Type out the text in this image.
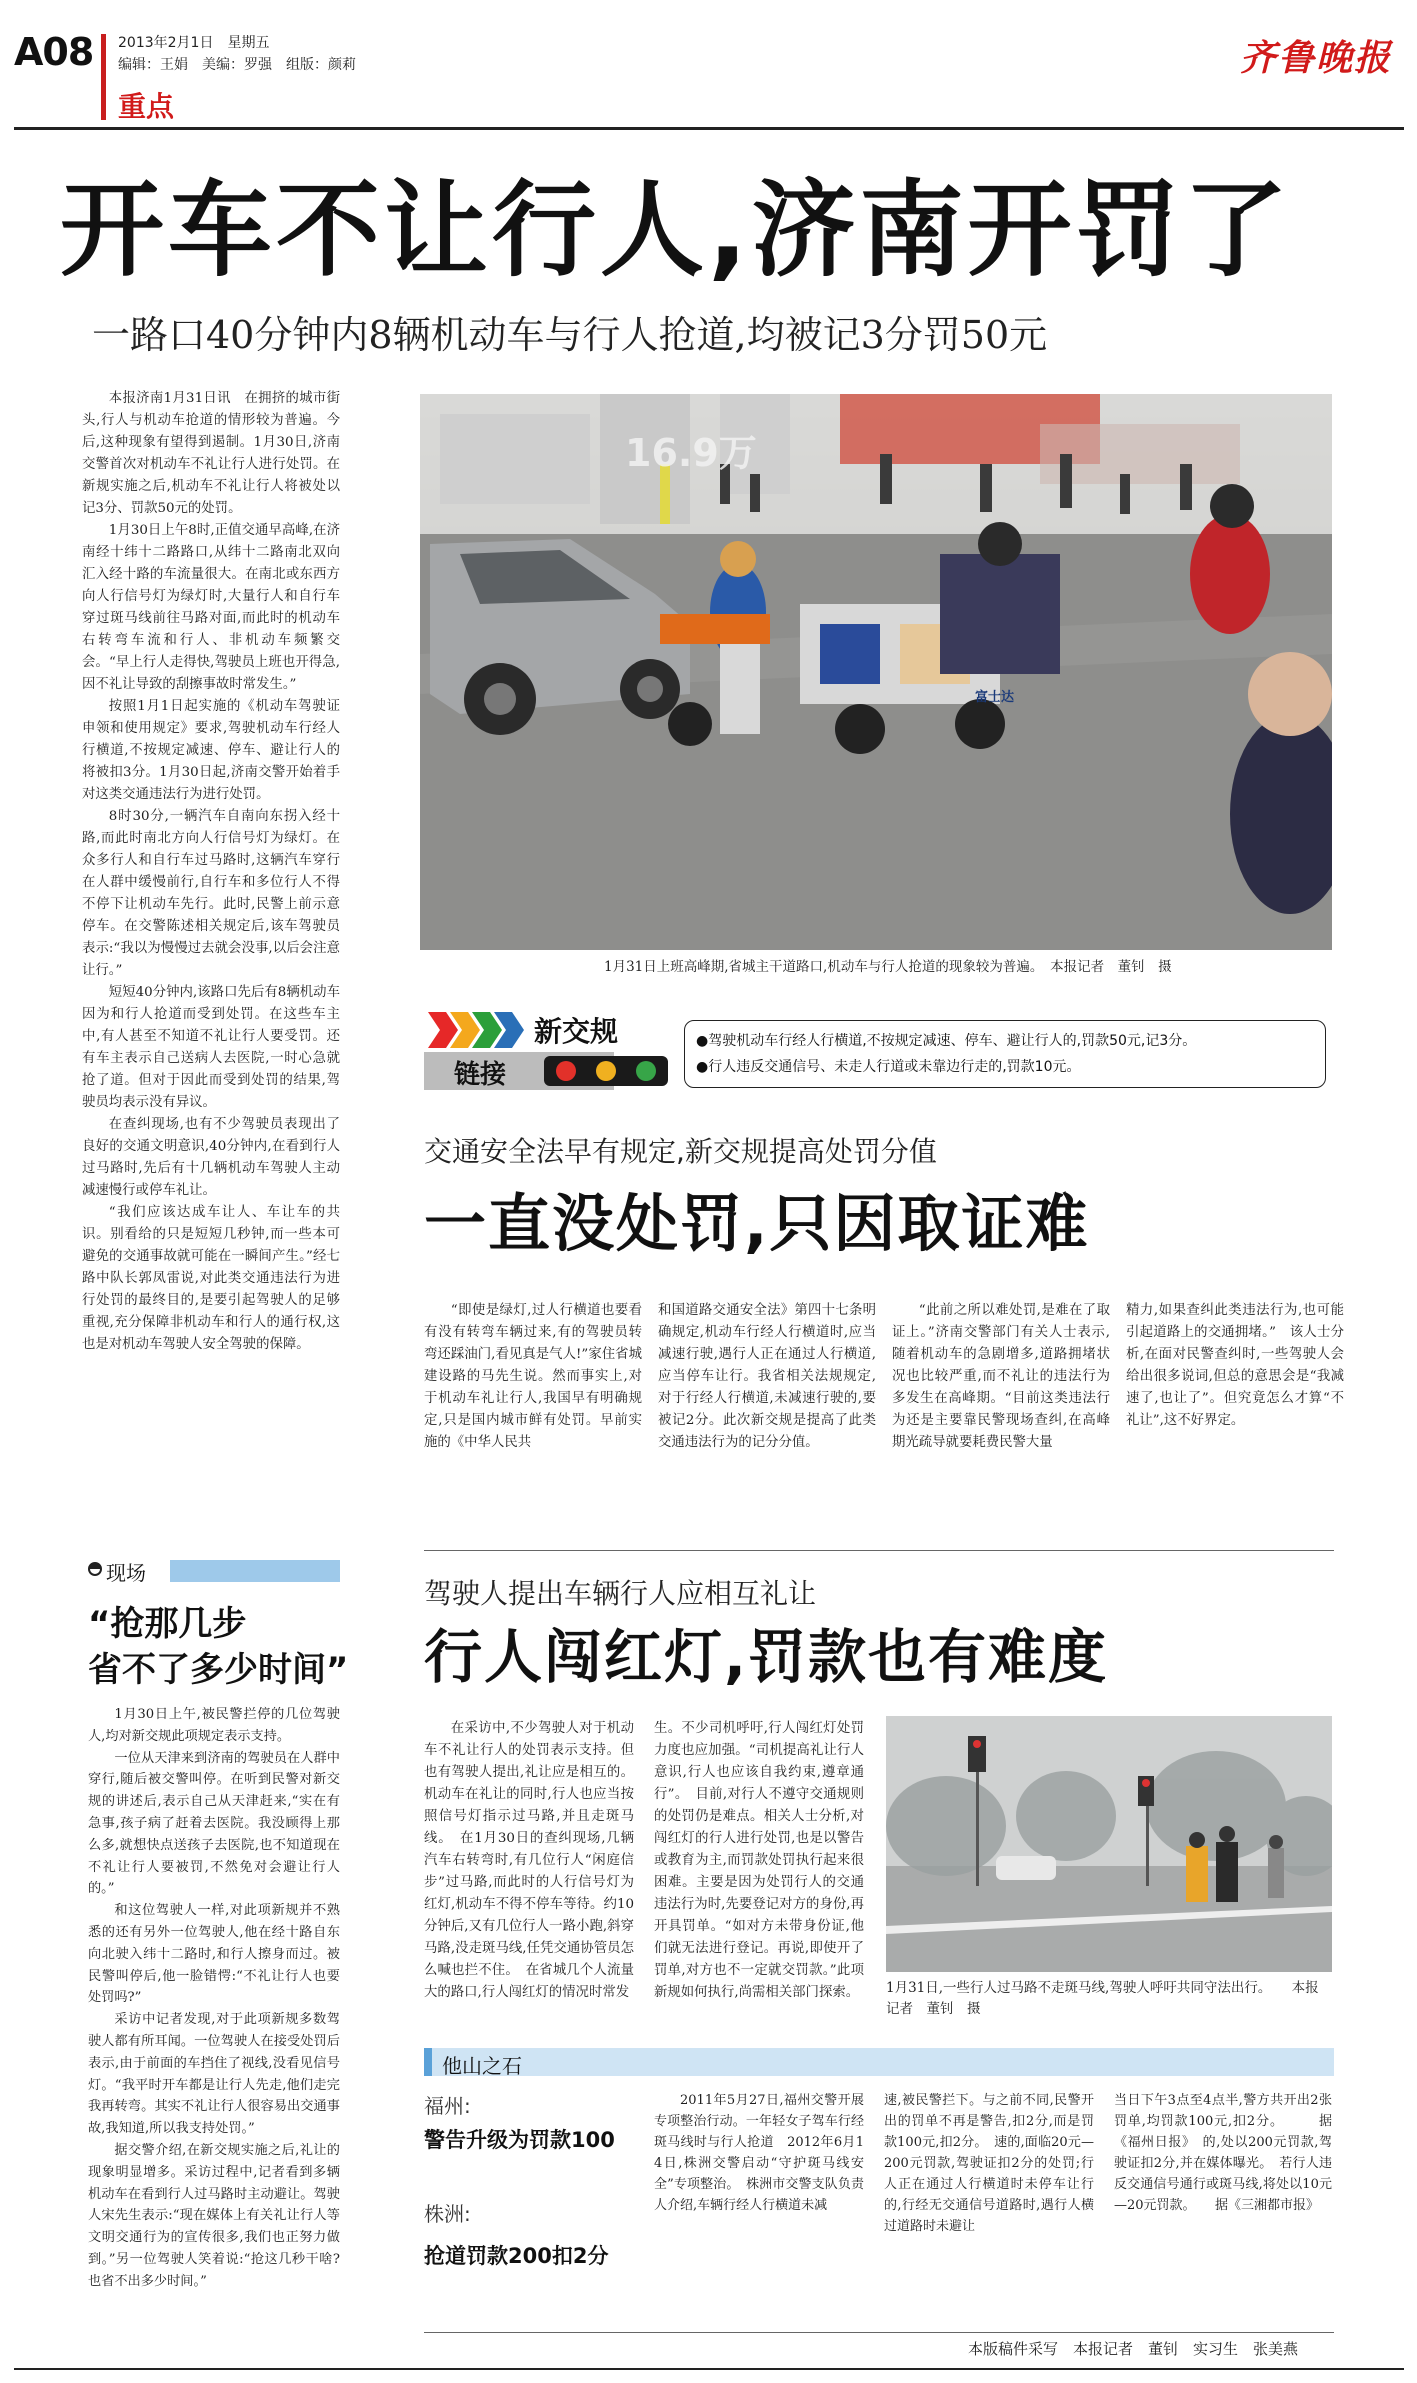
A08 2013年2月1日　星期五
编辑：王娟　美编：罗强　组版：颜莉
重点
齐鲁晚报
开车不让行人,济南开罚了
一路口40分钟内8辆机动车与行人抢道,均被记3分罚50元

本报济南1月31日讯　在拥挤的城市街头,行人与机动车抢道的情形较为普遍。今后,这种现象有望得到遏制。1月30日,济南交警首次对机动车不礼让行人进行处罚。在新规实施之后,机动车不礼让行人将被处以记3分、罚款50元的处罚。

1月30日上午8时,正值交通早高峰,在济南经十纬十二路路口,从纬十二路南北双向汇入经十路的车流量很大。在南北或东西方向人行信号灯为绿灯时,大量行人和自行车穿过斑马线前往马路对面,而此时的机动车右转弯车流和行人、非机动车频繁交会。“早上行人走得快,驾驶员上班也开得急,因不礼让导致的刮擦事故时常发生。”

按照1月1日起实施的《机动车驾驶证申领和使用规定》要求,驾驶机动车行经人行横道,不按规定减速、停车、避让行人的将被扣3分。1月30日起,济南交警开始着手对这类交通违法行为进行处罚。

8时30分,一辆汽车自南向东拐入经十路,而此时南北方向人行信号灯为绿灯。在众多行人和自行车过马路时,这辆汽车穿行在人群中缓慢前行,自行车和多位行人不得不停下让机动车先行。此时,民警上前示意停车。在交警陈述相关规定后,该车驾驶员表示:“我以为慢慢过去就会没事,以后会注意让行。”

短短40分钟内,该路口先后有8辆机动车因为和行人抢道而受到处罚。在这些车主中,有人甚至不知道不礼让行人要受罚。还有车主表示自己送病人去医院,一时心急就抢了道。但对于因此而受到处罚的结果,驾驶员均表示没有异议。

在查纠现场,也有不少驾驶员表现出了良好的交通文明意识,40分钟内,在看到行人过马路时,先后有十几辆机动车驾驶人主动减速慢行或停车礼让。

“我们应该达成车让人、车让车的共识。别看给的只是短短几秒钟,而一些本可避免的交通事故就可能在一瞬间产生。”经七路中队长郭凤雷说,对此类交通违法行为进行处罚的最终目的,是要引起驾驶人的足够重视,充分保障非机动车和行人的通行权,这也是对机动车驾驶人安全驾驶的保障。

16.9万
富士达
1月31日上班高峰期,省城主干道路口,机动车与行人抢道的现象较为普遍。　本报记者　董钊　摄
新交规
链接
●驾驶机动车行经人行横道,不按规定减速、停车、避让行人的,罚款50元,记3分。
●行人违反交通信号、未走人行道或未靠边行走的,罚款10元。
交通安全法早有规定,新交规提高处罚分值
一直没处罚,只因取证难
“即使是绿灯,过人行横道也要看有没有转弯车辆过来,有的驾驶员转弯还踩油门,看见真是气人!”家住省城建设路的马先生说。然而事实上,对于机动车礼让行人,我国早有明确规定,只是国内城市鲜有处罚。早前实施的《中华人民共
和国道路交通安全法》第四十七条明确规定,机动车行经人行横道时,应当减速行驶,遇行人正在通过人行横道,应当停车让行。我省相关法规规定,对于行经人行横道,未减速行驶的,要被记2分。此次新交规是提高了此类交通违法行为的记分分值。
“此前之所以难处罚,是难在了取证上。”济南交警部门有关人士表示,随着机动车的急剧增多,道路拥堵状况也比较严重,而不礼让的违法行为多发生在高峰期。“目前这类违法行为还是主要靠民警现场查纠,在高峰期光疏导就要耗费民警大量
精力,如果查纠此类违法行为,也可能引起道路上的交通拥堵。”　该人士分析,在面对民警查纠时,一些驾驶人会给出很多说词,但总的意思会是“我减速了,也让了”。但究竟怎么才算“不礼让”,这不好界定。
现场
“抢那几步
省不了多少时间”

1月30日上午,被民警拦停的几位驾驶人,均对新交规此项规定表示支持。

一位从天津来到济南的驾驶员在人群中穿行,随后被交警叫停。在听到民警对新交规的讲述后,表示自己从天津赶来,“实在有急事,孩子病了赶着去医院。我没顾得上那么多,就想快点送孩子去医院,也不知道现在不礼让行人要被罚,不然免对会避让行人的。”

和这位驾驶人一样,对此项新规并不熟悉的还有另外一位驾驶人,他在经十路自东向北驶入纬十二路时,和行人擦身而过。被民警叫停后,他一脸错愕:“不礼让行人也要处罚吗?”

采访中记者发现,对于此项新规多数驾驶人都有所耳闻。一位驾驶人在接受处罚后表示,由于前面的车挡住了视线,没看见信号灯。“我平时开车都是让行人先走,他们走完我再转弯。其实不礼让行人很容易出交通事故,我知道,所以我支持处罚。”

据交警介绍,在新交规实施之后,礼让的现象明显增多。采访过程中,记者看到多辆机动车在看到行人过马路时主动避让。驾驶人宋先生表示:“现在媒体上有关礼让行人等文明交通行为的宣传很多,我们也正努力做到。”另一位驾驶人笑着说:“抢这几秒干啥?也省不出多少时间。”

驾驶人提出车辆行人应相互礼让
行人闯红灯,罚款也有难度
在采访中,不少驾驶人对于机动车不礼让行人的处罚表示支持。但也有驾驶人提出,礼让应是相互的。机动车在礼让的同时,行人也应当按照信号灯指示过马路,并且走斑马线。　在1月30日的查纠现场,几辆汽车右转弯时,有几位行人“闲庭信步”过马路,而此时的人行信号灯为红灯,机动车不得不停车等待。约10分钟后,又有几位行人一路小跑,斜穿马路,没走斑马线,任凭交通协管员怎么喊也拦不住。　在省城几个人流量大的路口,行人闯红灯的情况时常发
生。不少司机呼吁,行人闯红灯处罚力度也应加强。“司机提高礼让行人意识,行人也应该自我约束,遵章通行”。　目前,对行人不遵守交通规则的处罚仍是难点。相关人士分析,对闯红灯的行人进行处罚,也是以警告或教育为主,而罚款处罚执行起来很困难。主要是因为处罚行人的交通违法行为时,先要登记对方的身份,再开具罚单。“如对方未带身份证,他们就无法进行登记。再说,即使开了罚单,对方也不一定就交罚款。”此项新规如何执行,尚需相关部门探索。	1月31日,一些行人过马路不走斑马线,驾驶人呼吁共同守法出行。　　本报记者　董钊　摄
他山之石
福州:
警告升级为罚款100
株洲:
抢道罚款200扣2分
2011年5月27日,福州交警开展专项整治行动。一年轻女子驾车行经斑马线时与行人抢道　2012年6月14日,株洲交警启动“守护斑马线安全”专项整治。　株洲市交警支队负责人介绍,车辆行经人行横道未减
速,被民警拦下。与之前不同,民警开出的罚单不再是警告,扣2分,而是罚款100元,扣2分。　速的,面临20元—200元罚款,驾驶证扣2分的处罚;行人正在通过人行横道时未停车让行的,行经无交通信号道路时,遇行人横过道路时未避让
当日下午3点至4点半,警方共开出2张罚单,均罚款100元,扣2分。　　　据《福州日报》　的,处以200元罚款,驾驶证扣2分,并在媒体曝光。　若行人违反交通信号通行或斑马线,将处以10元—20元罚款。　　据《三湘都市报》
本版稿件采写　本报记者　董钊　实习生　张美燕
